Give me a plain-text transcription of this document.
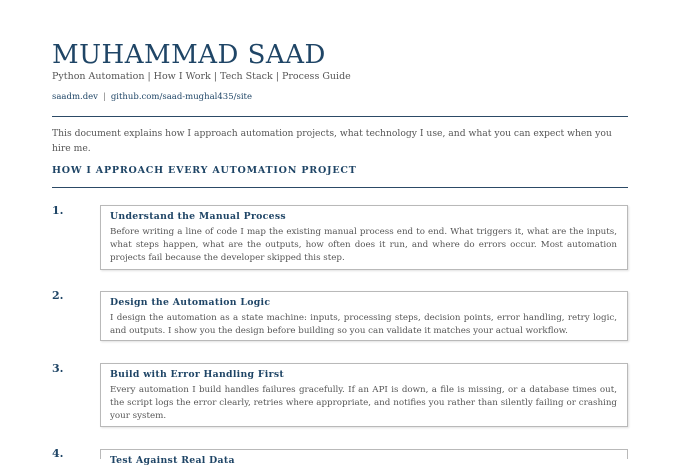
MUHAMMAD SAAD
Python Automation | How I Work | Tech Stack | Process Guide
saadm.dev | github.com/saad-mughal435/site
This document explains how I approach automation projects, what technology I use, and what you can expect when you hire me.
HOW I APPROACH EVERY AUTOMATION PROJECT
1.	Understand the Manual Process
Before writing a line of code I map the existing manual process end to end. What triggers it, what are the inputs, what steps happen, what are the outputs, how often does it run, and where do errors occur. Most automation projects fail because the developer skipped this step.
2.
Design the Automation Logic
I design the automation as a state machine: inputs, processing steps, decision points, error handling, retry logic, and outputs. I show you the design before building so you can validate it matches your actual workflow.
3.	Build with Error Handling First
Every automation I build handles failures gracefully. If an API is down, a file is missing, or a database times out, the script logs the error clearly, retries where appropriate, and notifies you rather than silently failing or crashing your system.
4.
Test Against Real Data
